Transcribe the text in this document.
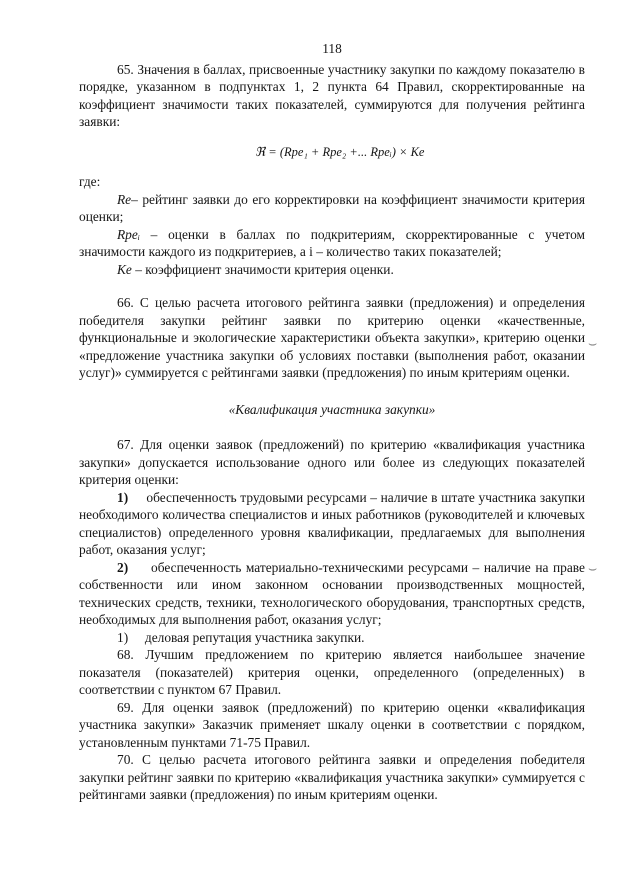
118

65. Значения в баллах, присвоенные участнику закупки по каждому показателю в порядке, указанном в подпунктах 1, 2 пункта 64 Правил, скорректированные на коэффициент значимости таких показателей, суммируются для получения рейтинга заявки:

ℜ = (Rpe₁ + Rpe₂ +... Rpeᵢ) × Ke

где:

Re– рейтинг заявки до его корректировки на коэффициент значимости критерия оценки;

Rpeᵢ – оценки в баллах по подкритериям, скорректированные с учетом значимости каждого из подкритериев, а i – количество таких показателей;

Ke – коэффициент значимости критерия оценки.

66. С целью расчета итогового рейтинга заявки (предложения) и определения победителя закупки рейтинг заявки по критерию оценки «качественные, функциональные и экологические характеристики объекта закупки», критерию оценки «предложение участника закупки об условиях поставки (выполнения работ, оказании услуг)» суммируется с рейтингами заявки (предложения) по иным критериям оценки.

«Квалификация участника закупки»

67. Для оценки заявок (предложений) по критерию «квалификация участника закупки» допускается использование одного или более из следующих показателей критерия оценки:

1) обеспеченность трудовыми ресурсами – наличие в штате участника закупки необходимого количества специалистов и иных работников (руководителей и ключевых специалистов) определенного уровня квалификации, предлагаемых для выполнения работ, оказания услуг;

2) обеспеченность материально-техническими ресурсами – наличие на праве собственности или ином законном основании производственных мощностей, технических средств, техники, технологического оборудования, транспортных средств, необходимых для выполнения работ, оказания услуг;

1) деловая репутация участника закупки.

68. Лучшим предложением по критерию является наибольшее значение показателя (показателей) критерия оценки, определенного (определенных) в соответствии с пунктом 67 Правил.

69. Для оценки заявок (предложений) по критерию оценки «квалификация участника закупки» Заказчик применяет шкалу оценки в соответствии с порядком, установленным пунктами 71-75 Правил.

70. С целью расчета итогового рейтинга заявки и определения победителя закупки рейтинг заявки по критерию «квалификация участника закупки» суммируется с рейтингами заявки (предложения) по иным критериям оценки.

⌣
⌣
